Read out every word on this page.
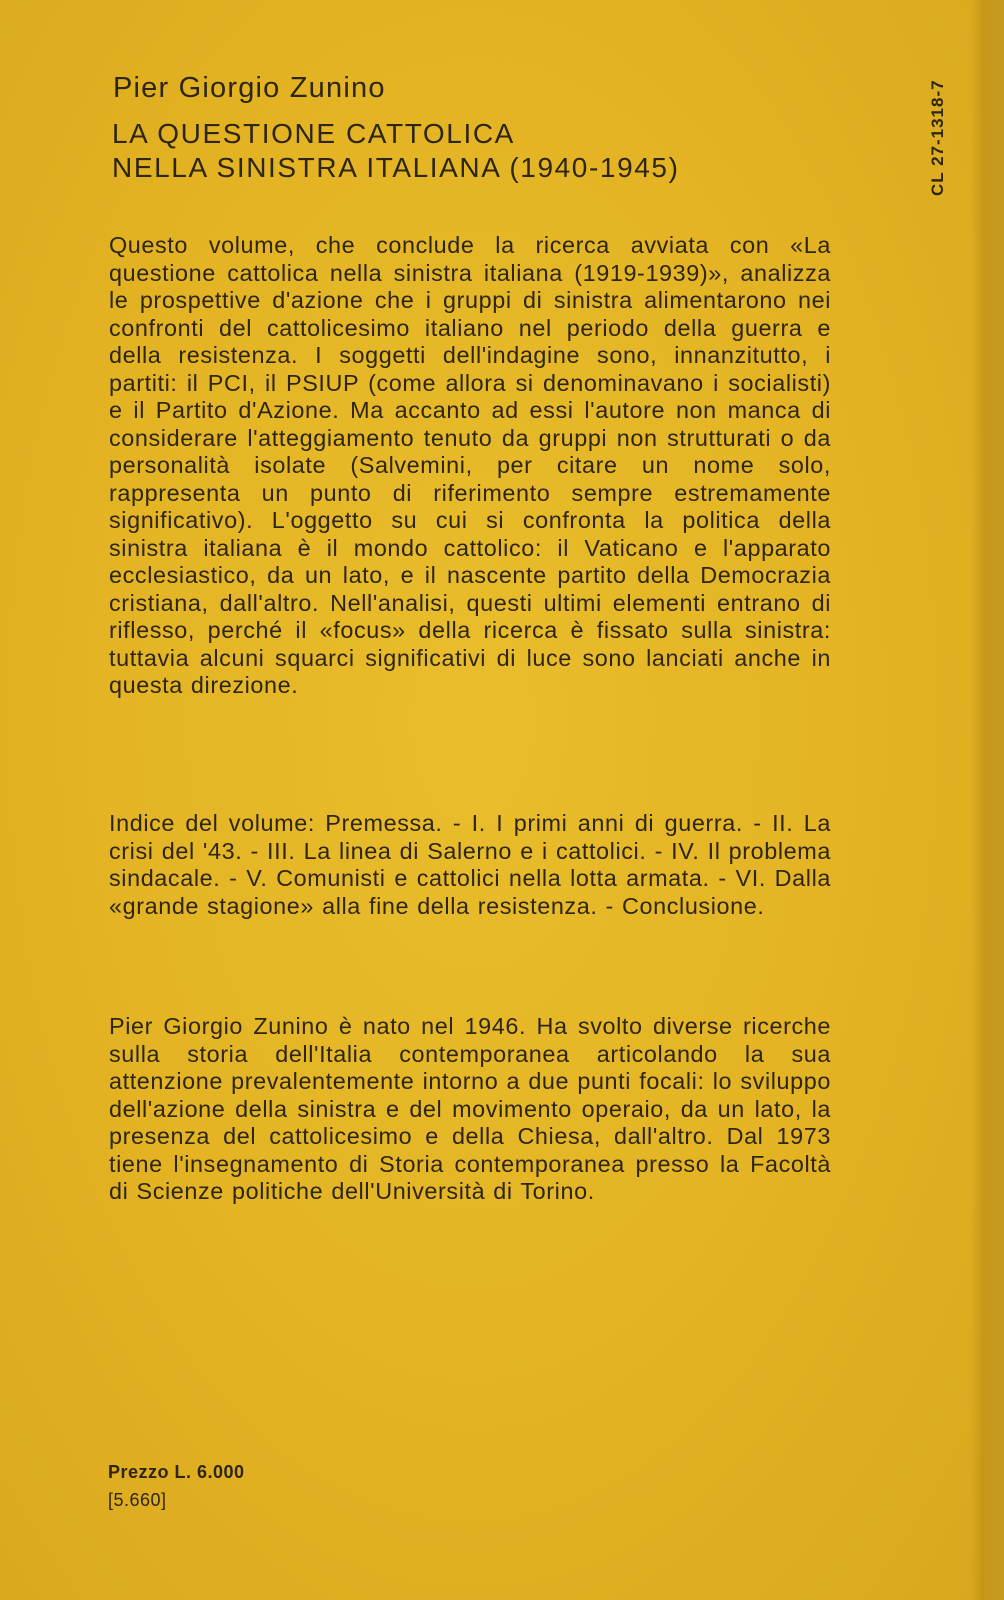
Pier Giorgio Zunino
LA QUESTIONE CATTOLICA
NELLA SINISTRA ITALIANA (1940-1945)	CL 27-1318-7
Questo volume, che conclude la ricerca avviata con «La questione cattolica nella sinistra italiana (1919-1939)», analizza le prospettive d'azione che i gruppi di sinistra alimentarono nei confronti del cattolicesimo italiano nel periodo della guerra e della resistenza. I soggetti dell'indagine sono, innanzitutto, i partiti: il PCI, il PSIUP (come allora si denominavano i socialisti) e il Partito d'Azione. Ma accanto ad essi l'autore non manca di considerare l'atteggiamento tenuto da gruppi non strutturati o da personalità isolate (Salvemini, per citare un nome solo, rappresenta un punto di riferimento sempre estremamente significativo). L'oggetto su cui si confronta la politica della sinistra italiana è il mondo cattolico: il Vaticano e l'apparato ecclesiastico, da un lato, e il nascente partito della Democrazia cristiana, dall'altro. Nell'analisi, questi ultimi elementi entrano di riflesso, perché il «focus» della ricerca è fissato sulla sinistra: tuttavia alcuni squarci significativi di luce sono lanciati anche in questa direzione.
Indice del volume: Premessa. - I. I primi anni di guerra. - II. La crisi del '43. - III. La linea di Salerno e i cattolici. - IV. Il problema sindacale. - V. Comunisti e cattolici nella lotta armata. - VI. Dalla «grande stagione» alla fine della resistenza. - Conclusione.
Pier Giorgio Zunino è nato nel 1946. Ha svolto diverse ricerche sulla storia dell'Italia contemporanea articolando la sua attenzione prevalentemente intorno a due punti focali: lo sviluppo dell'azione della sinistra e del movimento operaio, da un lato, la presenza del cattolicesimo e della Chiesa, dall'altro. Dal 1973 tiene l'insegnamento di Storia contemporanea presso la Facoltà di Scienze politiche dell'Università di Torino.
Prezzo L. 6.000
[5.660]
